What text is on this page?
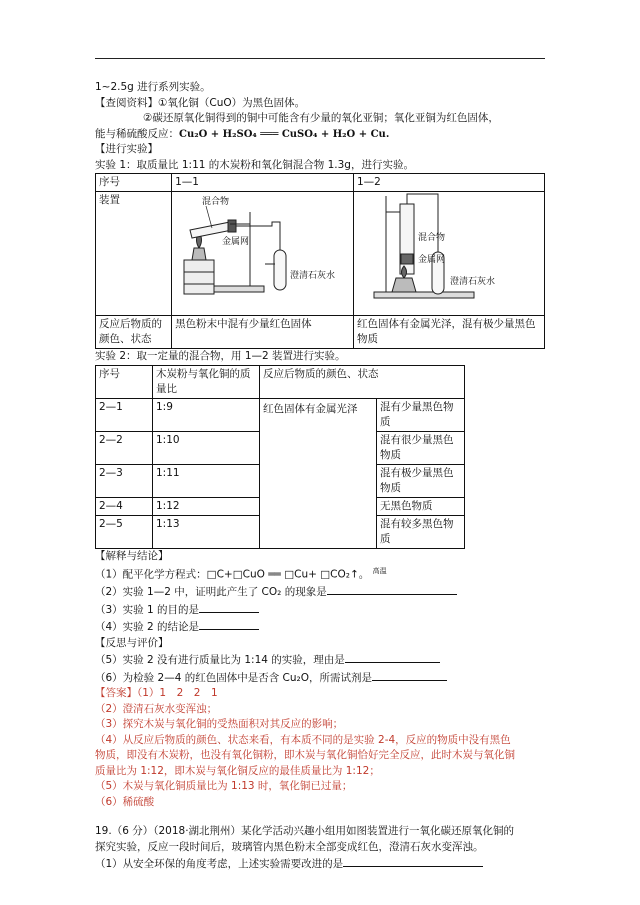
1~2.5g 进行系列实验。
【查阅资料】①氧化铜（CuO）为黑色固体。
②碳还原氧化铜得到的铜中可能含有少量的氧化亚铜；氧化亚铜为红色固体，
能与稀硫酸反应：Cu₂O + H₂SO₄ ═══ CuSO₄ + H₂O + Cu.
【进行实验】
实验 1：取质量比 1:11 的木炭粉和氧化铜混合物 1.3g，进行实验。
序号	1—1	1—2
装置	混合物
金属网
澄清石灰水	混合物
金属网
澄清石灰水

反应后物质的颜色、状态	黑色粉末中混有少量红色固体	红色固体有金属光泽，混有极少量黑色物质
实验 2：取一定量的混合物，用 1—2 装置进行实验。
序号	木炭粉与氧化铜的质量比	反应后物质的颜色、状态	
2—1	1:9	红色固体有金属光泽	混有少量黑色物质
2—2	1:10		混有很少量黑色物质
2—3	1:11		混有极少量黑色物质
2—4	1:12		无黑色物质
2—5	1:13		混有较多黑色物质
【解释与结论】
（1）配平化学方程式：□C+□CuO ══ □Cu+ □CO₂↑。 $^{高温}$
（2）实验 1—2 中，证明此产生了 CO₂ 的现象是
（3）实验 1 的目的是
（4）实验 2 的结论是
【反思与评价】
（5）实验 2 没有进行质量比为 1:14 的实验，理由是
（6）为检验 2—4 的红色固体中是否含 Cu₂O，所需试剂是
【答案】（1）1　2　2　1
（2）澄清石灰水变浑浊；
（3）探究木炭与氧化铜的受热面积对其反应的影响；
（4）从反应后物质的颜色、状态来看，有本质不同的是实验 2-4，反应的物质中没有黑色
物质，即没有木炭粉，也没有氧化铜粉，即木炭与氧化铜恰好完全反应，此时木炭与氧化铜
质量比为 1:12，即木炭与氧化铜反应的最佳质量比为 1:12；
（5）木炭与氧化铜质量比为 1:13 时，氧化铜已过量；
（6）稀硫酸
19.（6 分）（2018·湖北荆州）某化学活动兴趣小组用如图装置进行一氧化碳还原氧化铜的
探究实验，反应一段时间后，玻璃管内黑色粉末全部变成红色，澄清石灰水变浑浊。
（1）从安全环保的角度考虑，上述实验需要改进的是
